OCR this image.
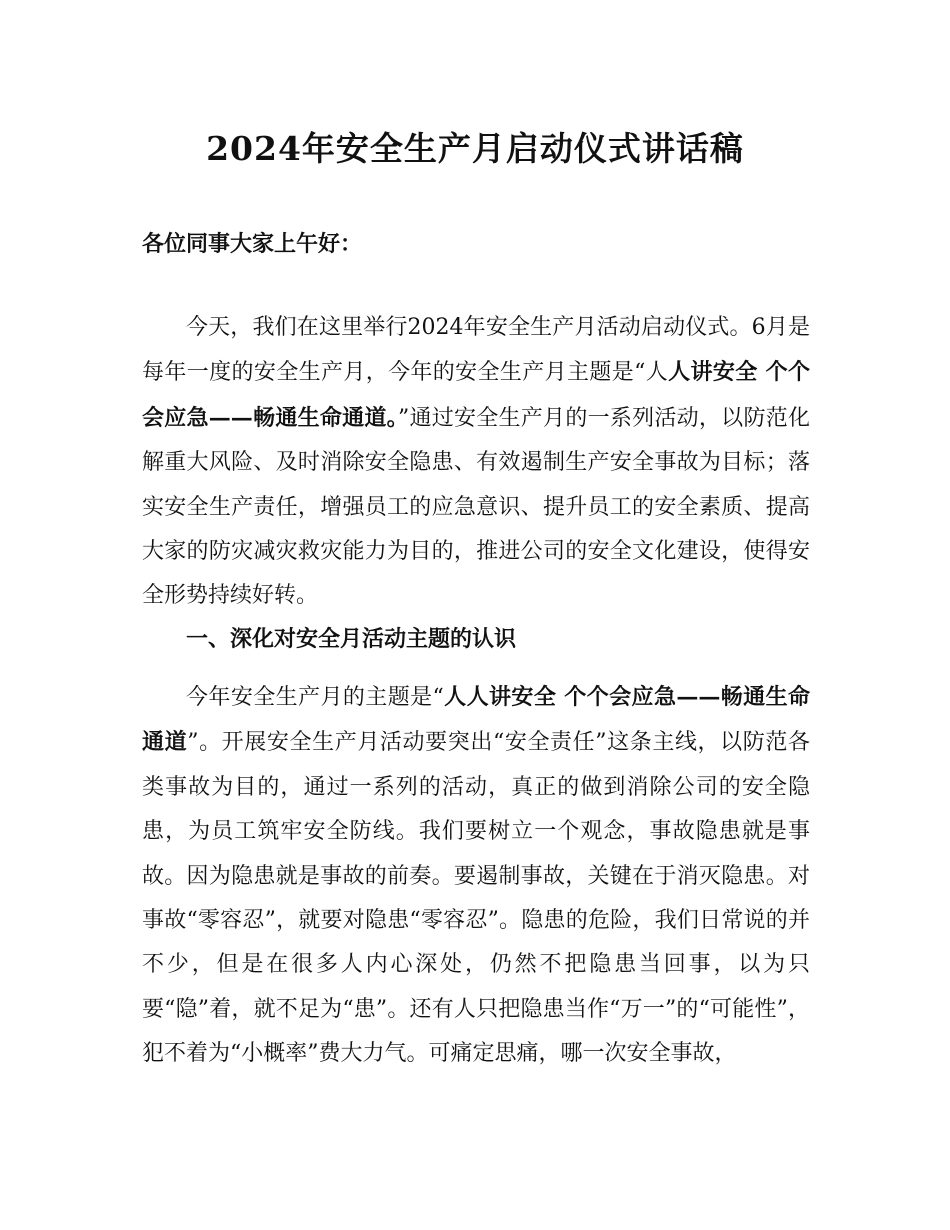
2024年安全生产月启动仪式讲话稿

各位同事大家上午好：

今天，我们在这里举行2024年安全生产月活动启动仪式。6月是每年一度的安全生产月，今年的安全生产月主题是“人人讲安全 个个会应急——畅通生命通道。”通过安全生产月的一系列活动，以防范化解重大风险、及时消除安全隐患、有效遏制生产安全事故为目标；落实安全生产责任，增强员工的应急意识、提升员工的安全素质、提高大家的防灾减灾救灾能力为目的，推进公司的安全文化建设，使得安全形势持续好转。

一、深化对安全月活动主题的认识

今年安全生产月的主题是“人人讲安全 个个会应急——畅通生命通道”。开展安全生产月活动要突出“安全责任”这条主线，以防范各类事故为目的，通过一系列的活动，真正的做到消除公司的安全隐患，为员工筑牢安全防线。我们要树立一个观念，事故隐患就是事故。因为隐患就是事故的前奏。要遏制事故，关键在于消灭隐患。对事故“零容忍”，就要对隐患“零容忍”。隐患的危险，我们日常说的并不少，但是在很多人内心深处，仍然不把隐患当回事，以为只要“隐”着，就不足为“患”。还有人只把隐患当作“万一”的“可能性”，犯不着为“小概率”费大力气。可痛定思痛，哪一次安全事故，
